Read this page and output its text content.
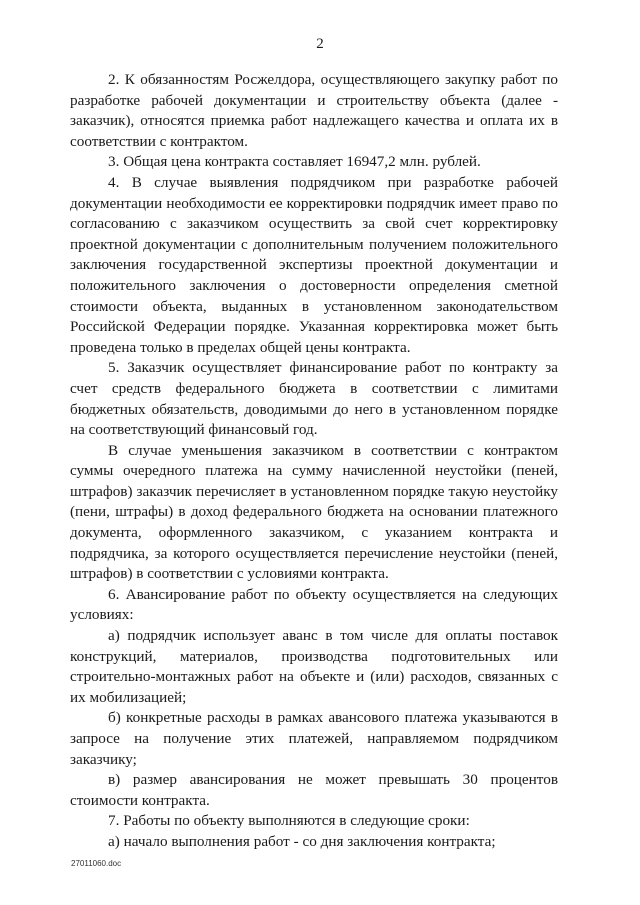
2

2. К обязанностям Росжелдора, осуществляющего закупку работ по разработке рабочей документации и строительству объекта (далее - заказчик), относятся приемка работ надлежащего качества и оплата их в соответствии с контрактом.

3. Общая цена контракта составляет 16947,2 млн. рублей.

4. В случае выявления подрядчиком при разработке рабочей документации необходимости ее корректировки подрядчик имеет право по согласованию с заказчиком осуществить за свой счет корректировку проектной документации с дополнительным получением положительного заключения государственной экспертизы проектной документации и положительного заключения о достоверности определения сметной стоимости объекта, выданных в установленном законодательством Российской Федерации порядке. Указанная корректировка может быть проведена только в пределах общей цены контракта.

5. Заказчик осуществляет финансирование работ по контракту за счет средств федерального бюджета в соответствии с лимитами бюджетных обязательств, доводимыми до него в установленном порядке на соответствующий финансовый год.

В случае уменьшения заказчиком в соответствии с контрактом суммы очередного платежа на сумму начисленной неустойки (пеней, штрафов) заказчик перечисляет в установленном порядке такую неустойку (пени, штрафы) в доход федерального бюджета на основании платежного документа, оформленного заказчиком, с указанием контракта и подрядчика, за которого осуществляется перечисление неустойки (пеней, штрафов) в соответствии с условиями контракта.

6. Авансирование работ по объекту осуществляется на следующих условиях:

а) подрядчик использует аванс в том числе для оплаты поставок конструкций, материалов, производства подготовительных или строительно-монтажных работ на объекте и (или) расходов, связанных с их мобилизацией;

б) конкретные расходы в рамках авансового платежа указываются в запросе на получение этих платежей, направляемом подрядчиком заказчику;

в) размер авансирования не может превышать 30 процентов стоимости контракта.

7. Работы по объекту выполняются в следующие сроки:

а) начало выполнения работ - со дня заключения контракта;

27011060.doc
